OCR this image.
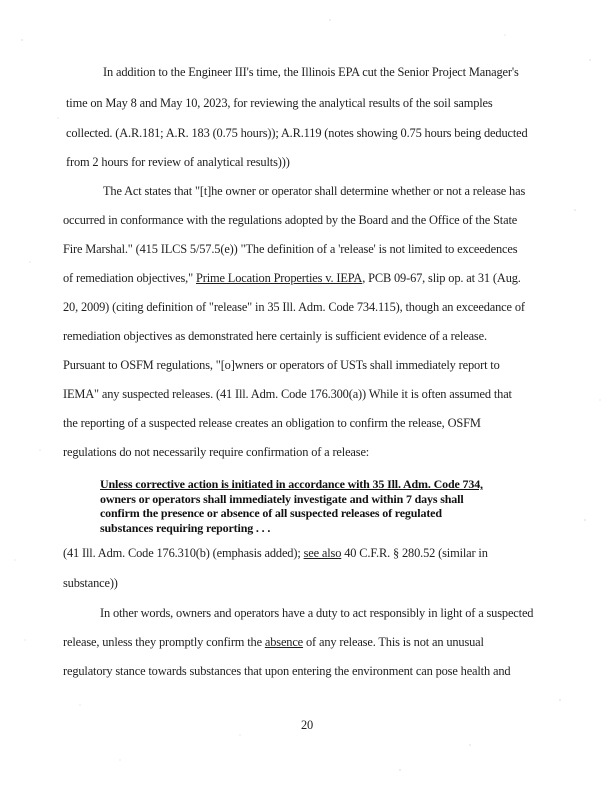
In addition to the Engineer III's time, the Illinois EPA cut the Senior Project Manager's
time on May 8 and May 10, 2023, for reviewing the analytical results of the soil samples
collected. (A.R.181; A.R. 183 (0.75 hours)); A.R.119 (notes showing 0.75 hours being deducted
from 2 hours for review of analytical results)))
The Act states that "[t]he owner or operator shall determine whether or not a release has
occurred in conformance with the regulations adopted by the Board and the Office of the State
Fire Marshal." (415 ILCS 5/57.5(e)) "The definition of a 'release' is not limited to exceedences
of remediation objectives," Prime Location Properties v. IEPA, PCB 09-67, slip op. at 31 (Aug.
20, 2009) (citing definition of "release" in 35 Ill. Adm. Code 734.115), though an exceedance of
remediation objectives as demonstrated here certainly is sufficient evidence of a release.
Pursuant to OSFM regulations, "[o]wners or operators of USTs shall immediately report to
IEMA" any suspected releases. (41 Ill. Adm. Code 176.300(a)) While it is often assumed that
the reporting of a suspected release creates an obligation to confirm the release, OSFM
regulations do not necessarily require confirmation of a release:
Unless corrective action is initiated in accordance with 35 Ill. Adm. Code 734,
owners or operators shall immediately investigate and within 7 days shall
confirm the presence or absence of all suspected releases of regulated
substances requiring reporting . . .
(41 Ill. Adm. Code 176.310(b) (emphasis added); see also 40 C.F.R. § 280.52 (similar in
substance))
In other words, owners and operators have a duty to act responsibly in light of a suspected
release, unless they promptly confirm the absence of any release. This is not an unusual
regulatory stance towards substances that upon entering the environment can pose health and
20
